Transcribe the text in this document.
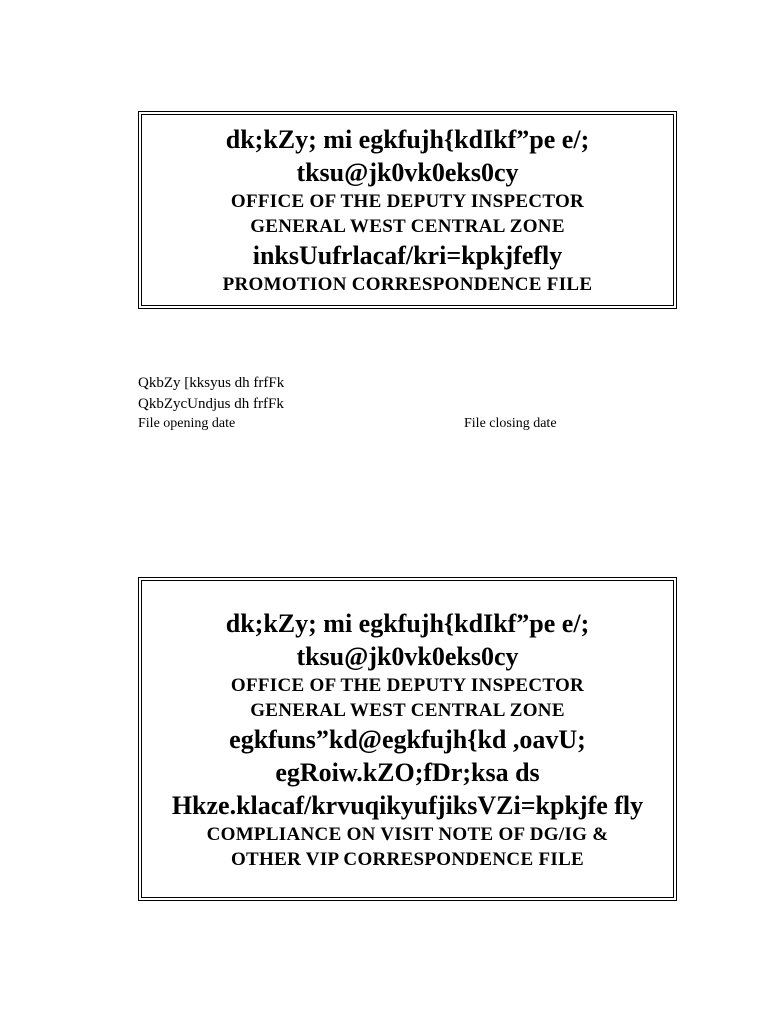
dk;kZy; mi egkfujh{kdIkf”pe e/;
tksu@jk0vk0eks0cy
OFFICE OF THE DEPUTY INSPECTOR
GENERAL WEST CENTRAL ZONE
inksUufrlacaf/kri=kpkjfefly
PROMOTION CORRESPONDENCE FILE
QkbZy [kksyus dh frfFk
QkbZycUndjus dh frfFk
File opening date	File closing date
dk;kZy; mi egkfujh{kdIkf”pe e/;
tksu@jk0vk0eks0cy
OFFICE OF THE DEPUTY INSPECTOR
GENERAL WEST CENTRAL ZONE
egkfuns”kd@egkfujh{kd ,oavU; egRoiw.kZO;fDr;ksa ds Hkze.klacaf/krvuqikyufjiksVZi=kpkjfe fly
COMPLIANCE ON VISIT NOTE OF DG/IG &
OTHER VIP CORRESPONDENCE FILE
